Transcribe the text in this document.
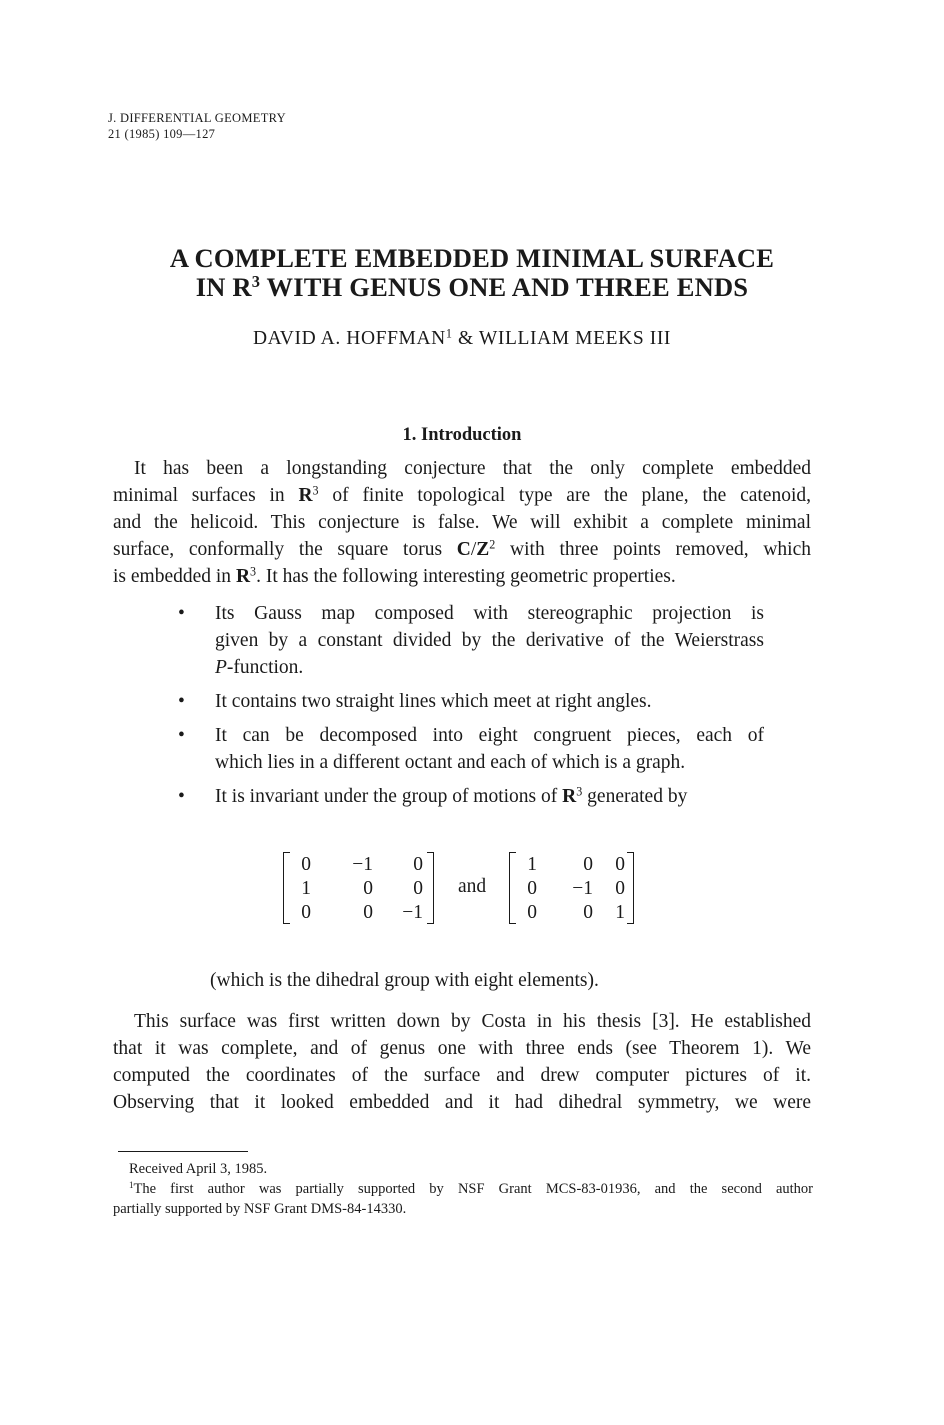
J. DIFFERENTIAL GEOMETRY
21 (1985) 109—127
A COMPLETE EMBEDDED MINIMAL SURFACE
IN $R^3$ WITH GENUS ONE AND THREE ENDS
DAVID A. HOFFMAN$^1$ & WILLIAM MEEKS III
1. Introduction
It has been a longstanding conjecture that the only complete embedded
minimal surfaces in $R^3$ of finite topological type are the plane, the catenoid,
and the helicoid. This conjecture is false. We will exhibit a complete minimal
surface, conformally the square torus $C/Z^2$ with three points removed, which
is embedded in $R^3$. It has the following interesting geometric properties.
• Its Gauss map composed with stereographic projection is
given by a constant divided by the derivative of the Weierstrass
P-function.
• It contains two straight lines which meet at right angles.
• It can be decomposed into eight congruent pieces, each of
which lies in a different octant and each of which is a graph.
• It is invariant under the group of motions of $R^3$ generated by
0	−1	0
1	0	0
0	0	−1
and
1	0	0
0	−1	0
0	0	1
(which is the dihedral group with eight elements).
This surface was first written down by Costa in his thesis [3]. He established
that it was complete, and of genus one with three ends (see Theorem 1). We
computed the coordinates of the surface and drew computer pictures of it.
Observing that it looked embedded and it had dihedral symmetry, we were
Received April 3, 1985.
$^1$The first author was partially supported by NSF Grant MCS-83-01936, and the second author
partially supported by NSF Grant DMS-84-14330.
